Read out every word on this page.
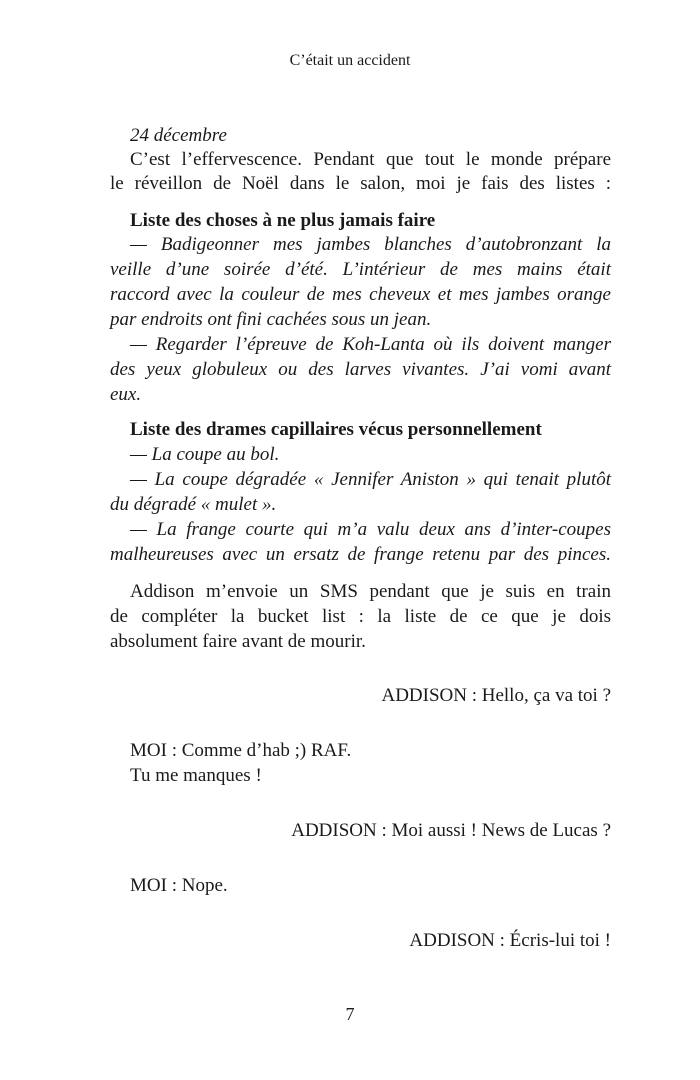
C’était un accident

24 décembre

C’est l’effervescence. Pendant que tout le monde prépare

le réveillon de Noël dans le salon, moi je fais des listes :

Liste des choses à ne plus jamais faire

— Badigeonner mes jambes blanches d’autobronzant la

veille d’une soirée d’été. L’intérieur de mes mains était

raccord avec la couleur de mes cheveux et mes jambes orange

par endroits ont fini cachées sous un jean.

— Regarder l’épreuve de Koh-Lanta où ils doivent manger

des yeux globuleux ou des larves vivantes. J’ai vomi avant

eux.

Liste des drames capillaires vécus personnellement

— La coupe au bol.

— La coupe dégradée « Jennifer Aniston » qui tenait plutôt

du dégradé « mulet ».

— La frange courte qui m’a valu deux ans d’inter-coupes

malheureuses avec un ersatz de frange retenu par des pinces.

Addison m’envoie un SMS pendant que je suis en train

de compléter la bucket list : la liste de ce que je dois

absolument faire avant de mourir.

ADDISON : Hello, ça va toi ?

MOI : Comme d’hab ;) RAF.

Tu me manques !

ADDISON : Moi aussi ! News de Lucas ?

MOI : Nope.

ADDISON : Écris-lui toi !

7
